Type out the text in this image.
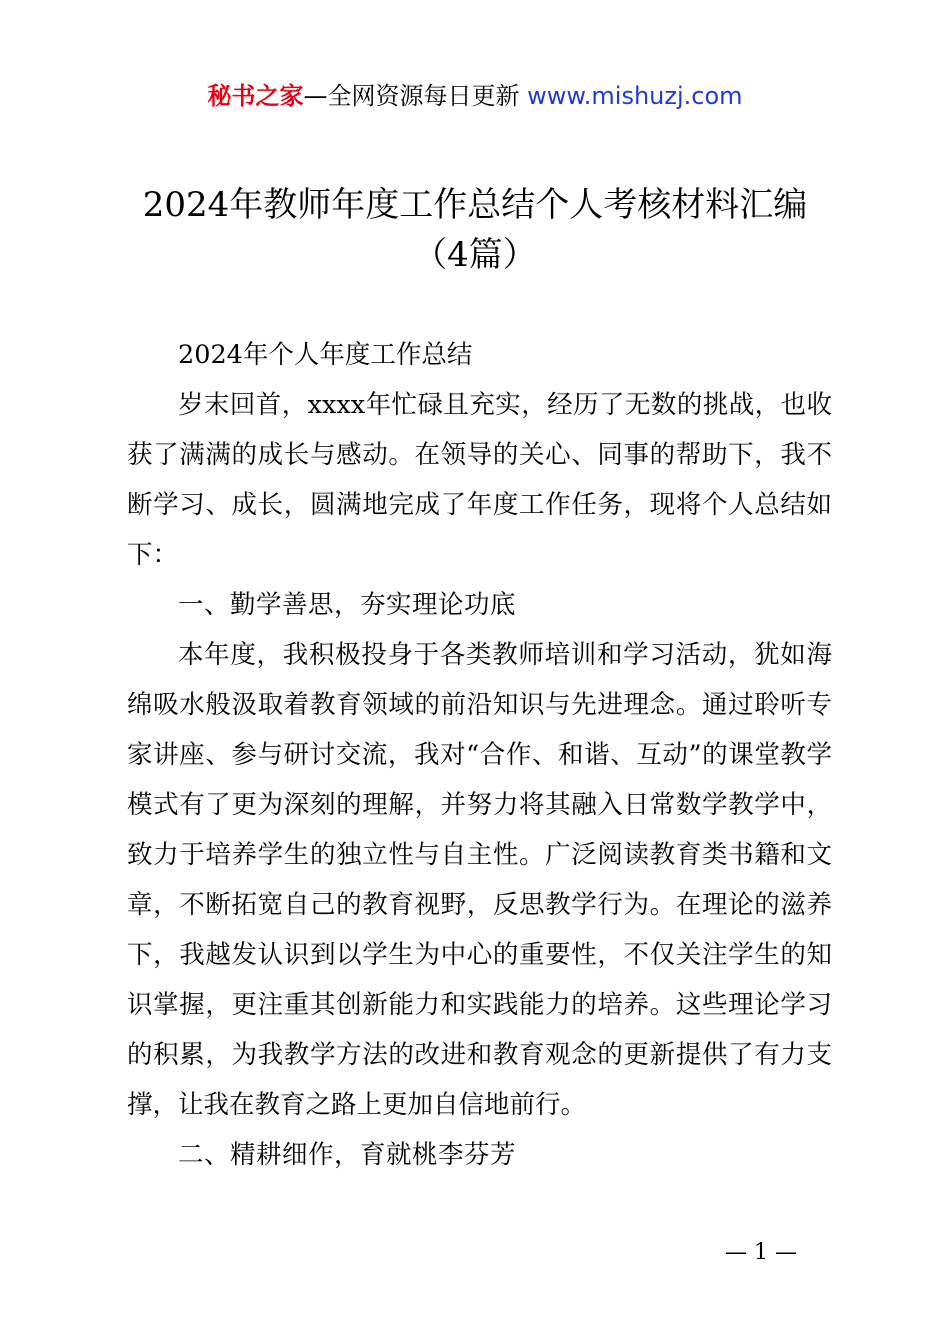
秘书之家—全网资源每日更新 www.mishuzj.com
2024年教师年度工作总结个人考核材料汇编
（4篇）

2024年个人年度工作总结

岁末回首，xxxx年忙碌且充实，经历了无数的挑战，也收获了满满的成长与感动。在领导的关心、同事的帮助下，我不断学习、成长，圆满地完成了年度工作任务，现将个人总结如下：

一、勤学善思，夯实理论功底

本年度，我积极投身于各类教师培训和学习活动，犹如海绵吸水般汲取着教育领域的前沿知识与先进理念。通过聆听专家讲座、参与研讨交流，我对“合作、和谐、互动”的课堂教学模式有了更为深刻的理解，并努力将其融入日常数学教学中，致力于培养学生的独立性与自主性。广泛阅读教育类书籍和文章，不断拓宽自己的教育视野，反思教学行为。在理论的滋养下，我越发认识到以学生为中心的重要性，不仅关注学生的知识掌握，更注重其创新能力和实践能力的培养。这些理论学习的积累，为我教学方法的改进和教育观念的更新提供了有力支撑，让我在教育之路上更加自信地前行。

二、精耕细作，育就桃李芬芳

— 1 —
